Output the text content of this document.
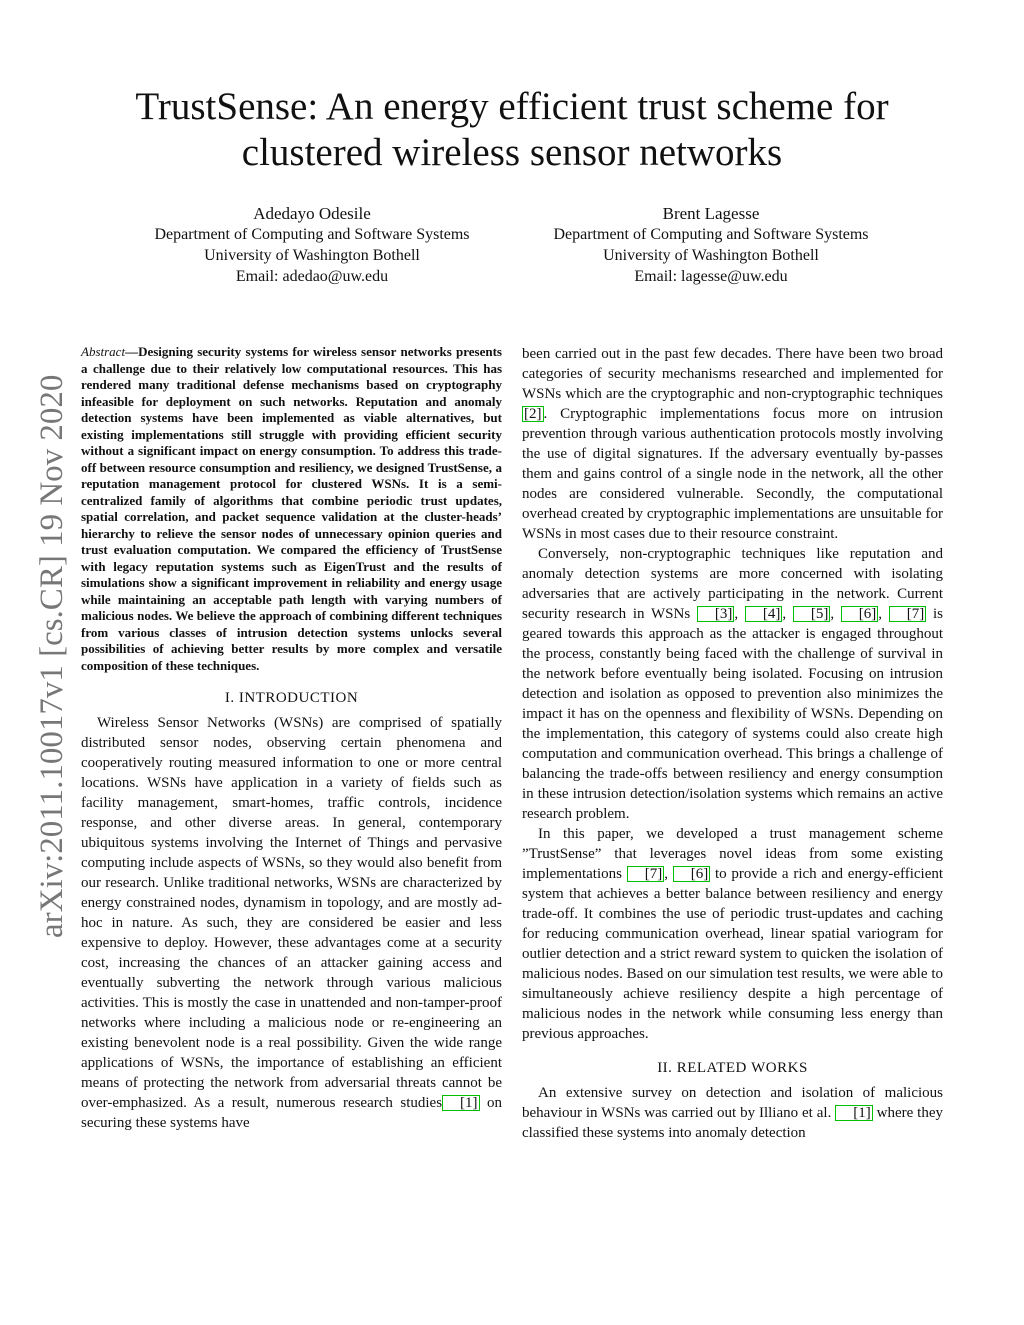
TrustSense: An energy efficient trust scheme for clustered wireless sensor networks
Adedayo Odesile
Department of Computing and Software Systems
University of Washington Bothell
Email: adedao@uw.edu
Brent Lagesse
Department of Computing and Software Systems
University of Washington Bothell
Email: lagesse@uw.edu
arXiv:2011.10017v1 [cs.CR] 19 Nov 2020

Abstract—Designing security systems for wireless sensor networks presents a challenge due to their relatively low computational resources. This has rendered many traditional defense mechanisms based on cryptography infeasible for deployment on such networks. Reputation and anomaly detection systems have been implemented as viable alternatives, but existing implementations still struggle with providing efficient security without a significant impact on energy consumption. To address this trade-off between resource consumption and resiliency, we designed TrustSense, a reputation management protocol for clustered WSNs. It is a semi-centralized family of algorithms that combine periodic trust updates, spatial correlation, and packet sequence validation at the cluster-heads’ hierarchy to relieve the sensor nodes of unnecessary opinion queries and trust evaluation computation. We compared the efficiency of TrustSense with legacy reputation systems such as EigenTrust and the results of simulations show a significant improvement in reliability and energy usage while maintaining an acceptable path length with varying numbers of malicious nodes. We believe the approach of combining different techniques from various classes of intrusion detection systems unlocks several possibilities of achieving better results by more complex and versatile composition of these techniques.

I. INTRODUCTION

Wireless Sensor Networks (WSNs) are comprised of spatially distributed sensor nodes, observing certain phenomena and cooperatively routing measured information to one or more central locations. WSNs have application in a variety of fields such as facility management, smart-homes, traffic controls, incidence response, and other diverse areas. In general, contemporary ubiquitous systems involving the Internet of Things and pervasive computing include aspects of WSNs, so they would also benefit from our research. Unlike traditional networks, WSNs are characterized by energy constrained nodes, dynamism in topology, and are mostly ad-hoc in nature. As such, they are considered be easier and less expensive to deploy. However, these advantages come at a security cost, increasing the chances of an attacker gaining access and eventually subverting the network through various malicious activities. This is mostly the case in unattended and non-tamper-proof networks where including a malicious node or re-engineering an existing benevolent node is a real possibility. Given the wide range applications of WSNs, the importance of establishing an efficient means of protecting the network from adversarial threats cannot be over-emphasized. As a result, numerous research studies [1] on securing these systems have

been carried out in the past few decades. There have been two broad categories of security mechanisms researched and implemented for WSNs which are the cryptographic and non-cryptographic techniques [2] . Cryptographic implementations focus more on intrusion prevention through various authentication protocols mostly involving the use of digital signatures. If the adversary eventually by-passes them and gains control of a single node in the network, all the other nodes are considered vulnerable. Secondly, the computational overhead created by cryptographic implementations are unsuitable for WSNs in most cases due to their resource constraint.

Conversely, non-cryptographic techniques like reputation and anomaly detection systems are more concerned with isolating adversaries that are actively participating in the network. Current security research in WSNs [3] , [4] , [5] , [6] , [7] is geared towards this approach as the attacker is engaged throughout the process, constantly being faced with the challenge of survival in the network before eventually being isolated. Focusing on intrusion detection and isolation as opposed to prevention also minimizes the impact it has on the openness and flexibility of WSNs. Depending on the implementation, this category of systems could also create high computation and communication overhead. This brings a challenge of balancing the trade-offs between resiliency and energy consumption in these intrusion detection/isolation systems which remains an active research problem.

In this paper, we developed a trust management scheme ”TrustSense” that leverages novel ideas from some existing implementations [7] , [6] to provide a rich and energy-efficient system that achieves a better balance between resiliency and energy trade-off. It combines the use of periodic trust-updates and caching for reducing communication overhead, linear spatial variogram for outlier detection and a strict reward system to quicken the isolation of malicious nodes. Based on our simulation test results, we were able to simultaneously achieve resiliency despite a high percentage of malicious nodes in the network while consuming less energy than previous approaches.

II. RELATED WORKS

An extensive survey on detection and isolation of malicious behaviour in WSNs was carried out by Illiano et al. [1] where they classified these systems into anomaly detection
